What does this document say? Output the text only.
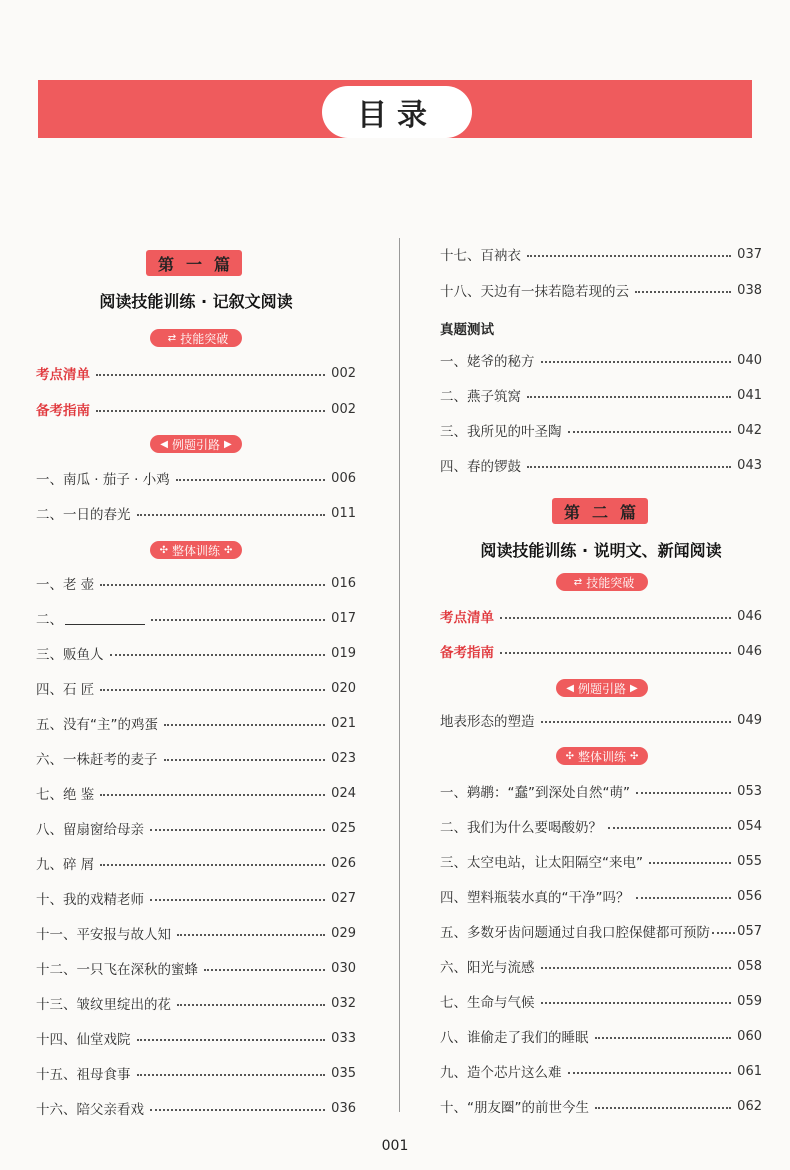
目录
第一篇
阅读技能训练 · 记叙文阅读
⇄ 技能突破
考点清单	002
备考指南	002
◀ 例题引路 ▶
一、南瓜 · 茄子 · 小鸡	006
二、一日的春光	011
✣ 整体训练 ✣
一、老 壶	016
二、	017
三、贩鱼人	019
四、石 匠	020
五、没有“主”的鸡蛋	021
六、一株赶考的麦子	023
七、绝 鉴	024
八、留扇窗给母亲	025
九、碎 屑	026
十、我的戏精老师	027
十一、平安报与故人知	029
十二、一只飞在深秋的蜜蜂	030
十三、皱纹里绽出的花	032
十四、仙堂戏院	033
十五、祖母食事	035
十六、陪父亲看戏	036
十七、百衲衣	037
十八、天边有一抹若隐若现的云	038
真题测试
一、姥爷的秘方	040
二、燕子筑窝	041
三、我所见的叶圣陶	042
四、春的锣鼓	043
第二篇
阅读技能训练 · 说明文、新闻阅读
⇄ 技能突破
考点清单	046
备考指南	046
◀ 例题引路 ▶
地表形态的塑造	049
✣ 整体训练 ✣
一、鹈鹕：“蠢”到深处自然“萌”	053
二、我们为什么要喝酸奶？	054
三、太空电站，让太阳隔空“来电”	055
四、塑料瓶装水真的“干净”吗？	056
五、多数牙齿问题通过自我口腔保健都可预防 057
六、阳光与流感	058
七、生命与气候	059
八、谁偷走了我们的睡眠	060
九、造个芯片这么难	061
十、“朋友圈”的前世今生	062
001
